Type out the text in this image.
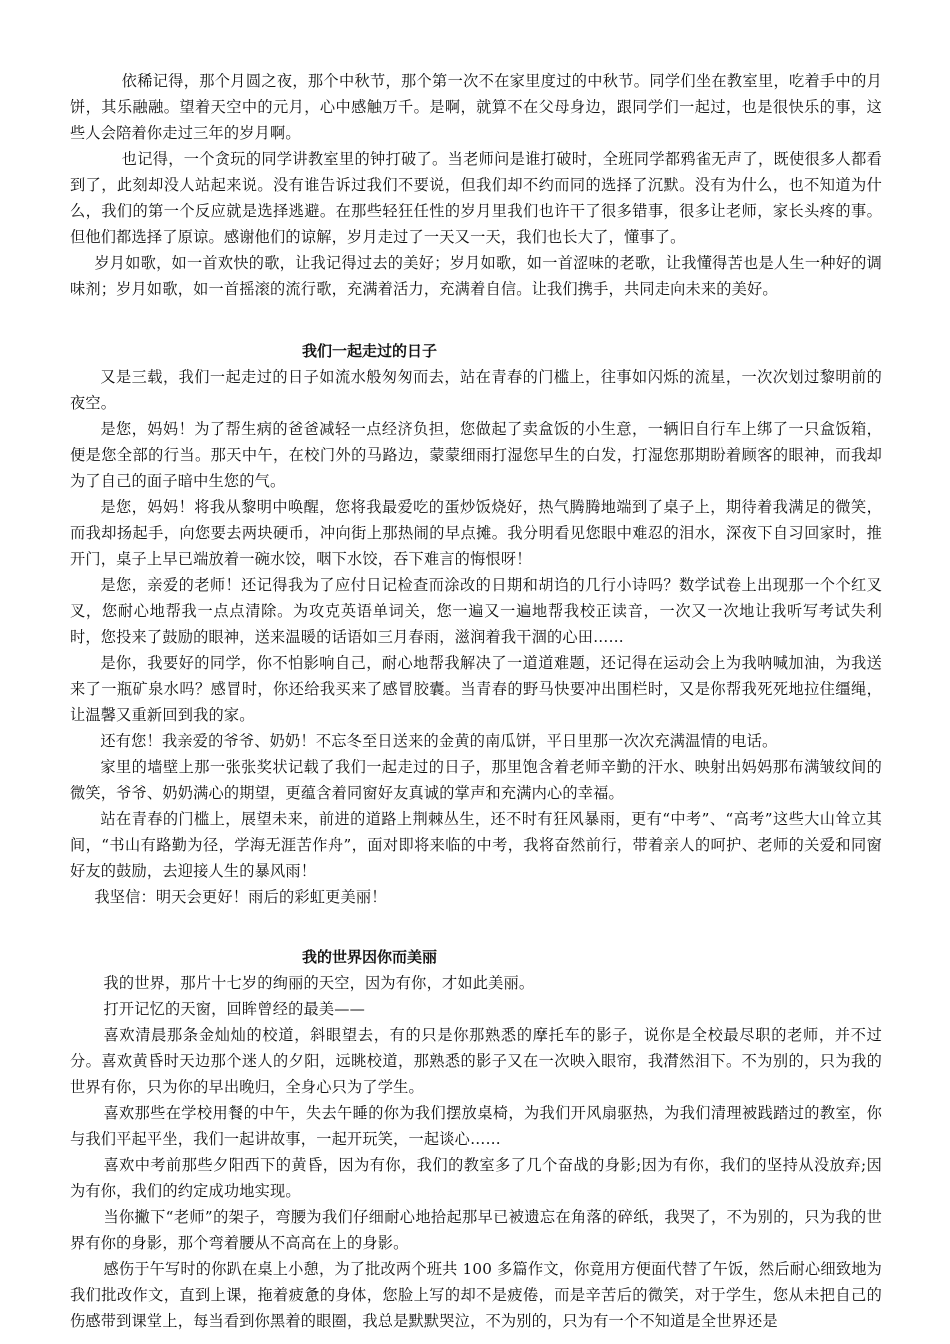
依稀记得，那个月圆之夜，那个中秋节，那个第一次不在家里度过的中秋节。同学们坐在教室里，吃着手中的月饼，其乐融融。望着天空中的元月，心中感触万千。是啊，就算不在父母身边，跟同学们一起过，也是很快乐的事，这些人会陪着你走过三年的岁月啊。

也记得，一个贪玩的同学讲教室里的钟打破了。当老师问是谁打破时，全班同学都鸦雀无声了，既使很多人都看到了，此刻却没人站起来说。没有谁告诉过我们不要说，但我们却不约而同的选择了沉默。没有为什么，也不知道为什么，我们的第一个反应就是选择逃避。在那些轻狂任性的岁月里我们也许干了很多错事，很多让老师，家长头疼的事。但他们都选择了原谅。感谢他们的谅解，岁月走过了一天又一天，我们也长大了，懂事了。

岁月如歌，如一首欢快的歌，让我记得过去的美好；岁月如歌，如一首涩味的老歌，让我懂得苦也是人生一种好的调味剂；岁月如歌，如一首摇滚的流行歌，充满着活力，充满着自信。让我们携手，共同走向未来的美好。

我们一起走过的日子

又是三载，我们一起走过的日子如流水般匆匆而去，站在青春的门槛上，往事如闪烁的流星，一次次划过黎明前的夜空。

是您，妈妈！为了帮生病的爸爸减轻一点经济负担，您做起了卖盒饭的小生意，一辆旧自行车上绑了一只盒饭箱，便是您全部的行当。那天中午，在校门外的马路边，蒙蒙细雨打湿您早生的白发，打湿您那期盼着顾客的眼神，而我却为了自己的面子暗中生您的气。

是您，妈妈！将我从黎明中唤醒，您将我最爱吃的蛋炒饭烧好，热气腾腾地端到了桌子上，期待着我满足的微笑，而我却扬起手，向您要去两块硬币，冲向街上那热闹的早点摊。我分明看见您眼中难忍的泪水，深夜下自习回家时，推开门，桌子上早已端放着一碗水饺，咽下水饺，吞下难言的悔恨呀！

是您，亲爱的老师！还记得我为了应付日记检查而涂改的日期和胡诌的几行小诗吗？数学试卷上出现那一个个红叉叉，您耐心地帮我一点点清除。为攻克英语单词关，您一遍又一遍地帮我校正读音，一次又一次地让我听写考试失利时，您投来了鼓励的眼神，送来温暖的话语如三月春雨，滋润着我干涸的心田……

是你，我要好的同学，你不怕影响自己，耐心地帮我解决了一道道难题，还记得在运动会上为我呐喊加油，为我送来了一瓶矿泉水吗？感冒时，你还给我买来了感冒胶囊。当青春的野马快要冲出围栏时，又是你帮我死死地拉住缰绳，让温馨又重新回到我的家。

还有您！我亲爱的爷爷、奶奶！不忘冬至日送来的金黄的南瓜饼，平日里那一次次充满温情的电话。

家里的墙壁上那一张张奖状记载了我们一起走过的日子，那里饱含着老师辛勤的汗水、映射出妈妈那布满皱纹间的微笑，爷爷、奶奶满心的期望，更蕴含着同窗好友真诚的掌声和充满内心的幸福。

站在青春的门槛上，展望未来，前进的道路上荆棘丛生，还不时有狂风暴雨，更有“中考”、“高考”这些大山耸立其间，“书山有路勤为径，学海无涯苦作舟”，面对即将来临的中考，我将奋然前行，带着亲人的呵护、老师的关爱和同窗好友的鼓励，去迎接人生的暴风雨！

我坚信：明天会更好！雨后的彩虹更美丽！

我的世界因你而美丽

我的世界，那片十七岁的绚丽的天空，因为有你，才如此美丽。

打开记忆的天窗，回眸曾经的最美——

喜欢清晨那条金灿灿的校道，斜眼望去，有的只是你那熟悉的摩托车的影子，说你是全校最尽职的老师，并不过分。喜欢黄昏时天边那个迷人的夕阳，远眺校道，那熟悉的影子又在一次映入眼帘，我潸然泪下。不为别的，只为我的世界有你，只为你的早出晚归，全身心只为了学生。

喜欢那些在学校用餐的中午，失去午睡的你为我们摆放桌椅，为我们开风扇驱热，为我们清理被践踏过的教室，你与我们平起平坐，我们一起讲故事，一起开玩笑，一起谈心……

喜欢中考前那些夕阳西下的黄昏，因为有你，我们的教室多了几个奋战的身影;因为有你，我们的坚持从没放弃;因为有你，我们的约定成功地实现。

当你撇下“老师”的架子，弯腰为我们仔细耐心地拾起那早已被遗忘在角落的碎纸，我哭了，不为别的，只为我的世界有你的身影，那个弯着腰从不高高在上的身影。

感伤于午写时的你趴在桌上小憩，为了批改两个班共 100 多篇作文，你竟用方便面代替了午饭，然后耐心细致地为我们批改作文，直到上课，拖着疲惫的身体，您脸上写的却不是疲倦，而是辛苦后的微笑，对于学生，您从未把自己的伤感带到课堂上，每当看到你黑着的眼圈，我总是默默哭泣，不为别的，只为有一个不知道是全世界还是
